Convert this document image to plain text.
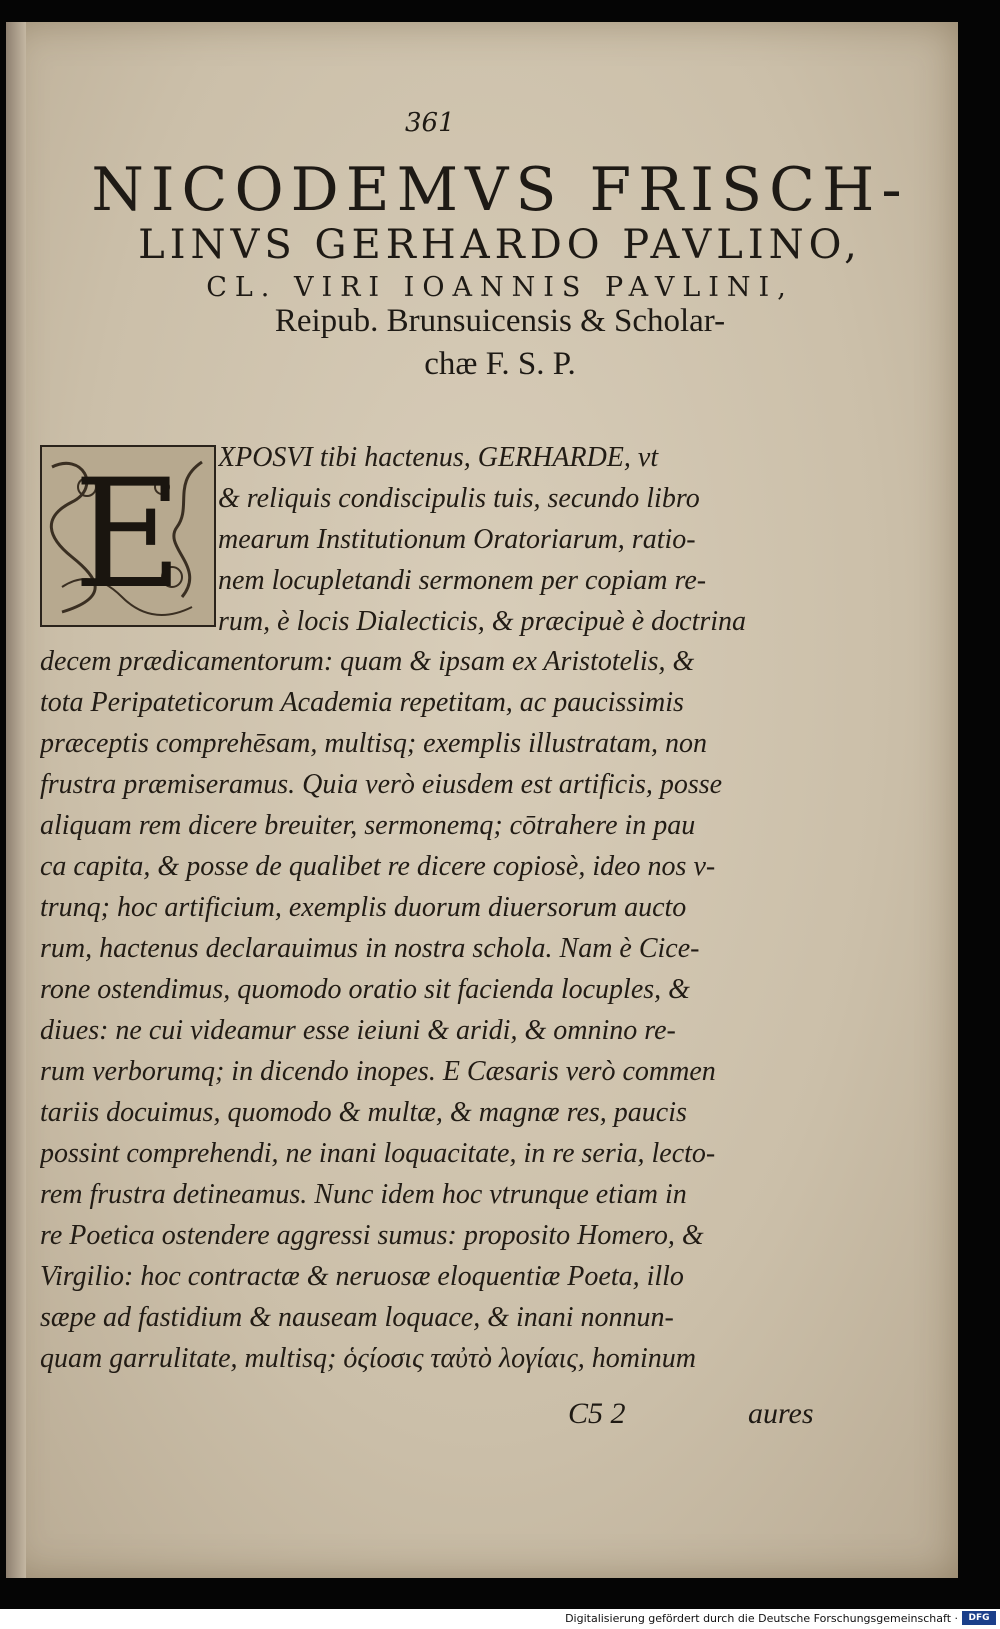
361
NICODEMVS FRISCH-
LINVS GERHARDO PAVLINO,
CL. VIRI IOANNIS PAVLINI,
Reipub. Brunsuicensis & Scholar-
chæ F. S. P.
E	XPOSVI tibi hactenus, GERHARDE, vt
& reliquis condiscipulis tuis, secundo libro
mearum Institutionum Oratoriarum, ratio-
nem locupletandi sermonem per copiam re-
rum, è locis Dialecticis, & præcipuè è doctrina
decem prædicamentorum: quam & ipsam ex Aristotelis, &
tota Peripateticorum Academia repetitam, ac paucissimis
præceptis comprehēsam, multisq; exemplis illustratam, non
frustra præmiseramus. Quia verò eiusdem est artificis, posse
aliquam rem dicere breuiter, sermonemq; cōtrahere in pau
ca capita, & posse de qualibet re dicere copiosè, ideo nos v-
trunq; hoc artificium, exemplis duorum diuersorum aucto
rum, hactenus declarauimus in nostra schola. Nam è Cice-
rone ostendimus, quomodo oratio sit facienda locuples, &
diues: ne cui videamur esse ieiuni & aridi, & omnino re-
rum verborumq; in dicendo inopes. E Cæsaris verò commen
tariis docuimus, quomodo & multæ, & magnæ res, paucis
possint comprehendi, ne inani loquacitate, in re seria, lecto-
rem frustra detineamus. Nunc idem hoc vtrunque etiam in
re Poetica ostendere aggressi sumus: proposito Homero, &
Virgilio: hoc contractæ & neruosæ eloquentiæ Poeta, illo
sæpe ad fastidium & nauseam loquace, & inani nonnun-
quam garrulitate, multisq; ὁςίοσις ταὐτὸ λογίαις, hominum
C5 2	aures
Digitalisierung gefördert durch die Deutsche Forschungsgemeinschaft ·	DFG
